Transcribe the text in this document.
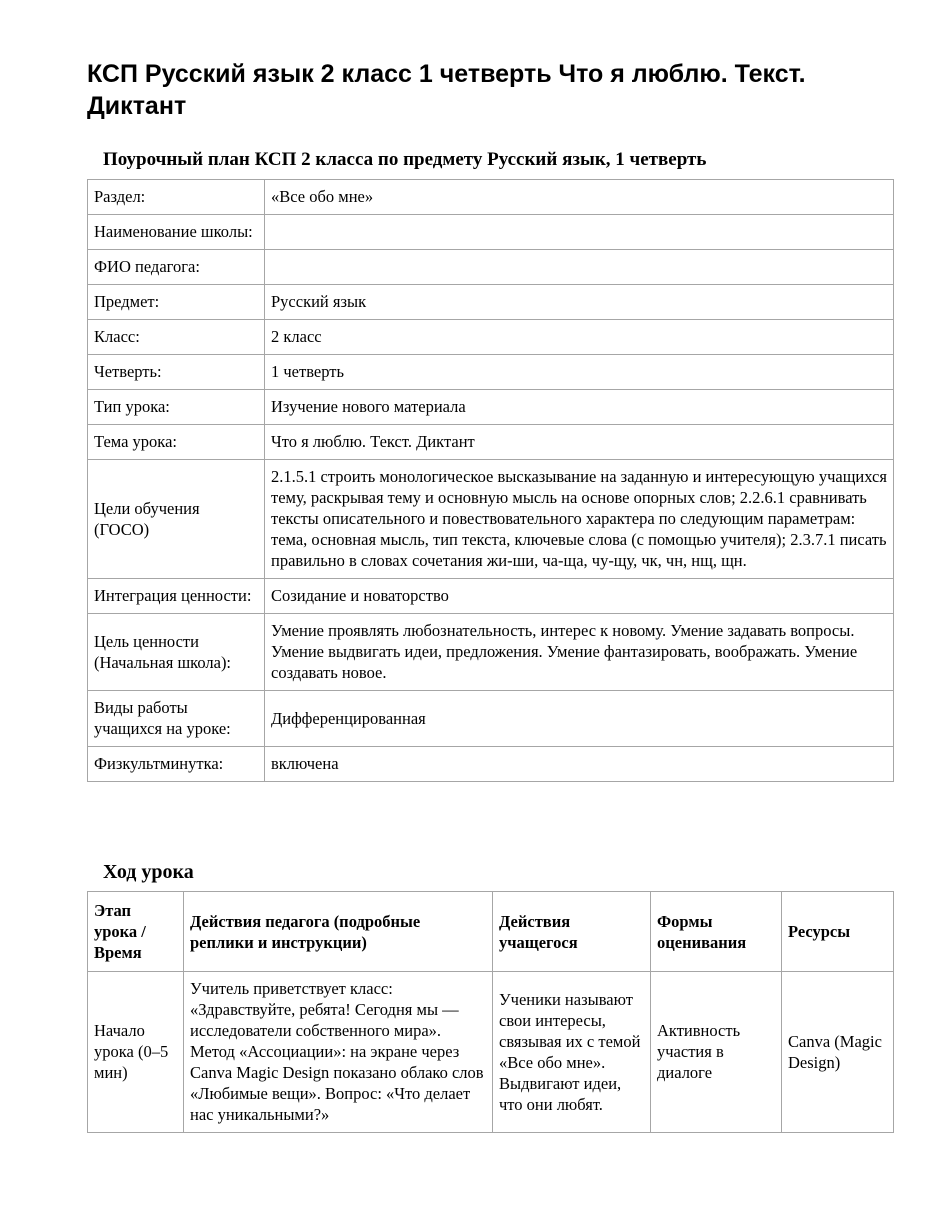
КСП Русский язык 2 класс 1 четверть Что я люблю. Текст. Диктант
Поурочный план КСП 2 класса по предмету Русский язык, 1 четверть
Раздел:	«Все обо мне»
Наименование школы:	
ФИО педагога:	
Предмет:	Русский язык
Класс:	2 класс
Четверть:	1 четверть
Тип урока:	Изучение нового материала
Тема урока:	Что я люблю. Текст. Диктант
Цели обучения (ГОСО)	2.1.5.1 строить монологическое высказывание на заданную и интересующую учащихся тему, раскрывая тему и основную мысль на основе опорных слов; 2.2.6.1 сравнивать тексты описательного и повествовательного характера по следующим параметрам: тема, основная мысль, тип текста, ключевые слова (с помощью учителя); 2.3.7.1 писать правильно в словах сочетания жи-ши, ча-ща, чу-щу, чк, чн, нщ, щн.
Интеграция ценности:	Созидание и новаторство
Цель ценности (Начальная школа):	Умение проявлять любознательность, интерес к новому. Умение задавать вопросы. Умение выдвигать идеи, предложения. Умение фантазировать, воображать. Умение создавать новое.
Виды работы учащихся на уроке:	Дифференцированная
Физкультминутка:	включена
Ход урока
Этап урока / Время	Действия педагога (подробные реплики и инструкции)	Действия учащегося	Формы оценивания	Ресурсы
Начало урока (0–5 мин)	Учитель приветствует класс: «Здравствуйте, ребята! Сегодня мы — исследователи собственного мира». Метод «Ассоциации»: на экране через Canva Magic Design показано облако слов «Любимые вещи». Вопрос: «Что делает нас уникальными?»	Ученики называют свои интересы, связывая их с темой «Все обо мне». Выдвигают идеи, что они любят.	Активность участия в диалоге	Canva (Magic Design)
